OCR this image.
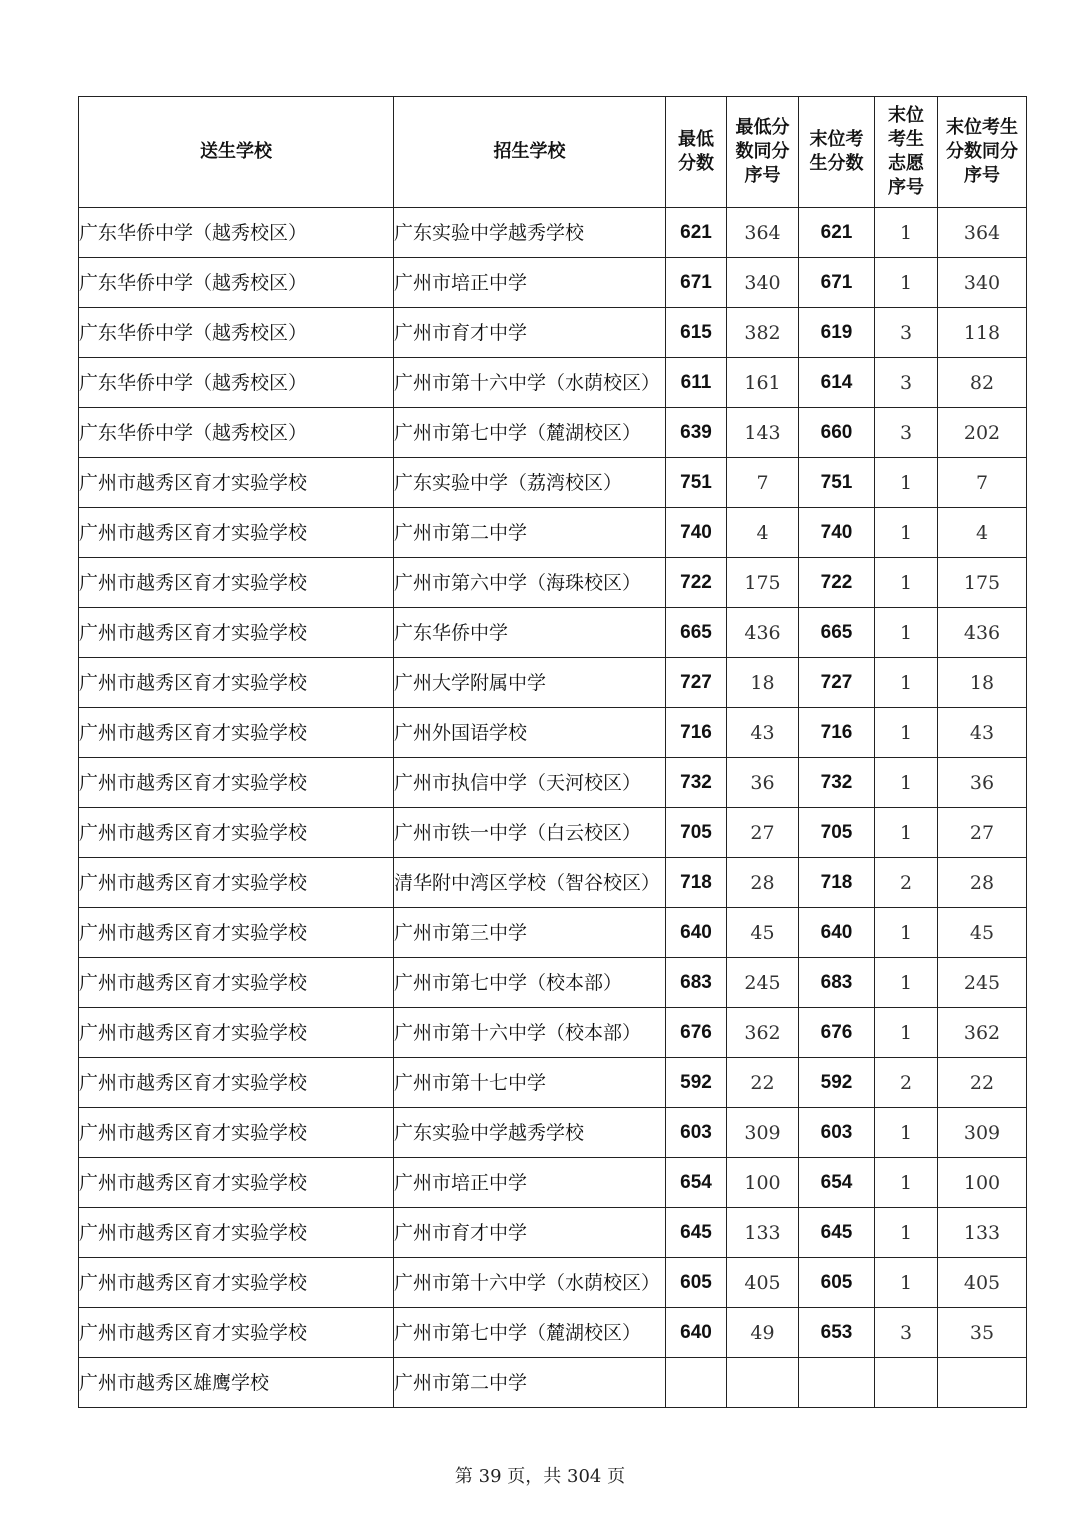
送生学校	招生学校	最低分数	最低分数同分序号	末位考生分数	末位考生志愿序号	末位考生分数同分序号
广东华侨中学（越秀校区）	广东实验中学越秀学校	621	364	621	1	364
广东华侨中学（越秀校区）	广州市培正中学	671	340	671	1	340
广东华侨中学（越秀校区）	广州市育才中学	615	382	619	3	118
广东华侨中学（越秀校区）	广州市第十六中学（水荫校区）	611	161	614	3	82
广东华侨中学（越秀校区）	广州市第七中学（麓湖校区）	639	143	660	3	202
广州市越秀区育才实验学校	广东实验中学（荔湾校区）	751	7	751	1	7
广州市越秀区育才实验学校	广州市第二中学	740	4	740	1	4
广州市越秀区育才实验学校	广州市第六中学（海珠校区）	722	175	722	1	175
广州市越秀区育才实验学校	广东华侨中学	665	436	665	1	436
广州市越秀区育才实验学校	广州大学附属中学	727	18	727	1	18
广州市越秀区育才实验学校	广州外国语学校	716	43	716	1	43
广州市越秀区育才实验学校	广州市执信中学（天河校区）	732	36	732	1	36
广州市越秀区育才实验学校	广州市铁一中学（白云校区）	705	27	705	1	27
广州市越秀区育才实验学校	清华附中湾区学校（智谷校区）	718	28	718	2	28
广州市越秀区育才实验学校	广州市第三中学	640	45	640	1	45
广州市越秀区育才实验学校	广州市第七中学（校本部）	683	245	683	1	245
广州市越秀区育才实验学校	广州市第十六中学（校本部）	676	362	676	1	362
广州市越秀区育才实验学校	广州市第十七中学	592	22	592	2	22
广州市越秀区育才实验学校	广东实验中学越秀学校	603	309	603	1	309
广州市越秀区育才实验学校	广州市培正中学	654	100	654	1	100
广州市越秀区育才实验学校	广州市育才中学	645	133	645	1	133
广州市越秀区育才实验学校	广州市第十六中学（水荫校区）	605	405	605	1	405
广州市越秀区育才实验学校	广州市第七中学（麓湖校区）	640	49	653	3	35
广州市越秀区雄鹰学校	广州市第二中学					
第 39 页，共 304 页
